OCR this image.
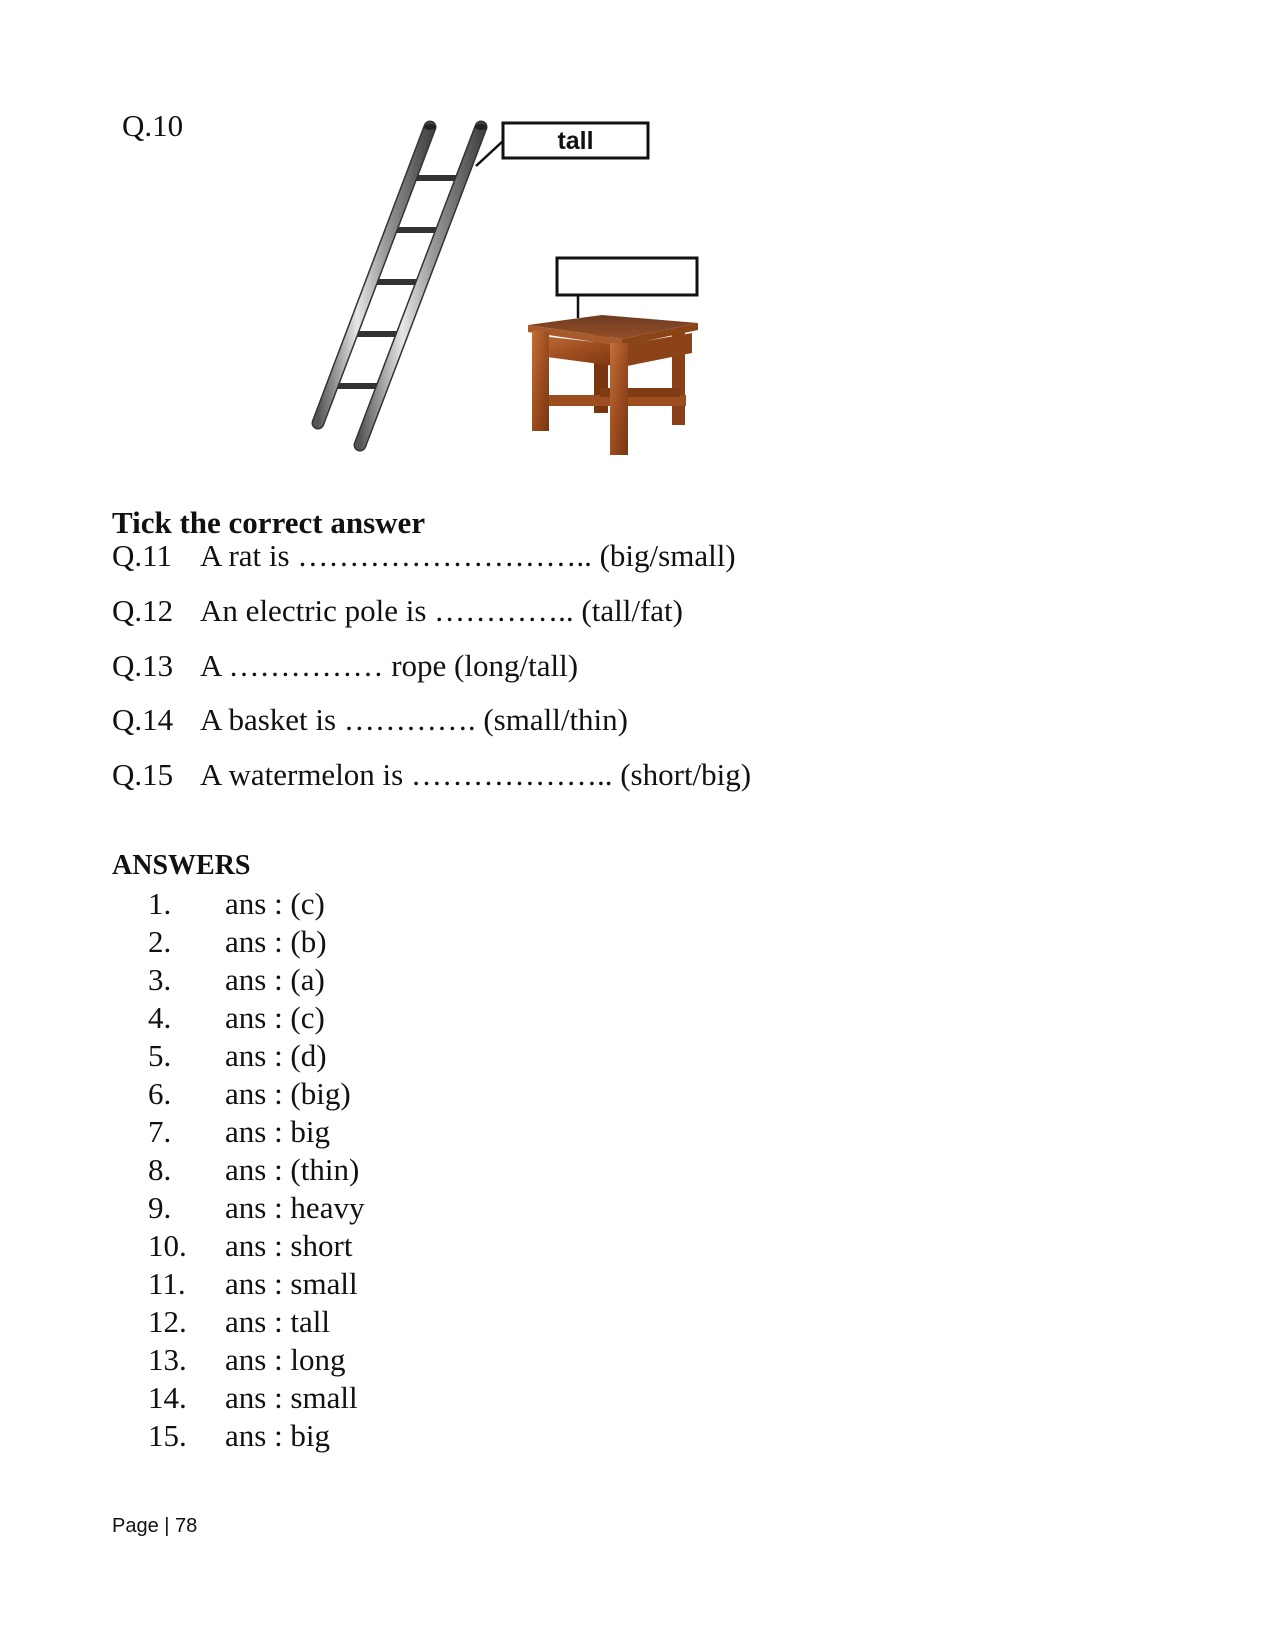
Q.10	tall
Tick the correct answer
Q.11 A rat is ……………………….. (big/small)
Q.12 An electric pole is ………….. (tall/fat)
Q.13 A …………… rope (long/tall)
Q.14 A basket is …………. (small/thin)
Q.15 A watermelon is ……………….. (short/big)
ANSWERS
1. ans : (c)
2. ans : (b)
3. ans : (a)
4. ans : (c)
5. ans : (d)
6. ans : (big)
7. ans : big
8. ans : (thin)
9. ans : heavy
10. ans : short
11. ans : small
12. ans : tall
13. ans : long
14. ans : small
15. ans : big
Page | 78
